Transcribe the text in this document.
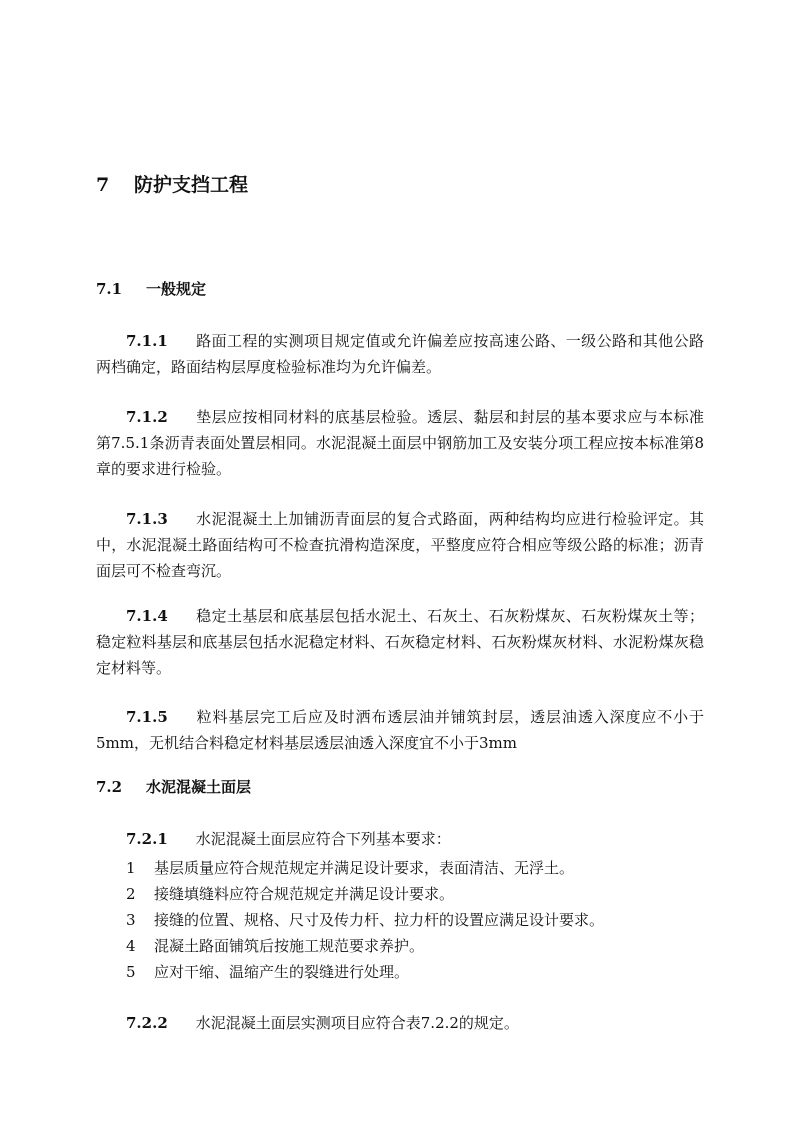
7 防护支挡工程
7.1 一般规定
7.1.1 路面工程的实测项目规定值或允许偏差应按高速公路、一级公路和其他公路两档确定，路面结构层厚度检验标准均为允许偏差。
7.1.2 垫层应按相同材料的底基层检验。透层、黏层和封层的基本要求应与本标准第7.5.1条沥青表面处置层相同。水泥混凝土面层中钢筋加工及安装分项工程应按本标准第8章的要求进行检验。
7.1.3 水泥混凝土上加铺沥青面层的复合式路面，两种结构均应进行检验评定。其中，水泥混凝土路面结构可不检查抗滑构造深度，平整度应符合相应等级公路的标准；沥青面层可不检查弯沉。
7.1.4 稳定土基层和底基层包括水泥土、石灰土、石灰粉煤灰、石灰粉煤灰土等；稳定粒料基层和底基层包括水泥稳定材料、石灰稳定材料、石灰粉煤灰材料、水泥粉煤灰稳定材料等。
7.1.5 粒料基层完工后应及时洒布透层油并铺筑封层，透层油透入深度应不小于5mm，无机结合料稳定材料基层透层油透入深度宜不小于3mm
7.2 水泥混凝土面层
7.2.1 水泥混凝土面层应符合下列基本要求：
1 基层质量应符合规范规定并满足设计要求，表面清洁、无浮土。
2 接缝填缝料应符合规范规定并满足设计要求。
3 接缝的位置、规格、尺寸及传力杆、拉力杆的设置应满足设计要求。
4 混凝土路面铺筑后按施工规范要求养护。
5 应对干缩、温缩产生的裂缝进行处理。
7.2.2 水泥混凝土面层实测项目应符合表7.2.2的规定。
